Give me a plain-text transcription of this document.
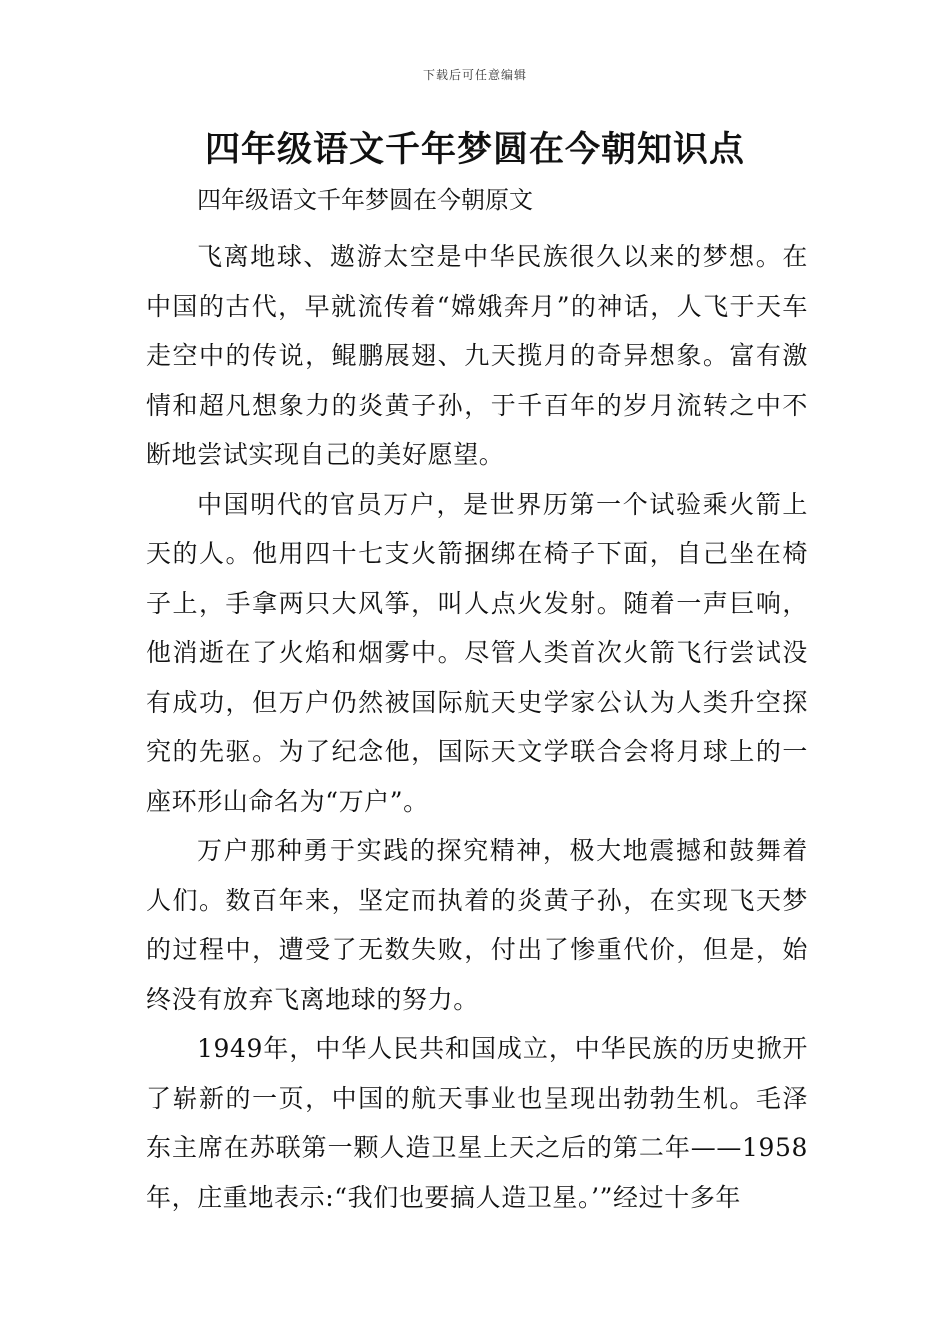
下载后可任意编辑
四年级语文千年梦圆在今朝知识点

四年级语文千年梦圆在今朝原文

飞离地球、遨游太空是中华民族很久以来的梦想。在中国的古代，早就流传着“嫦娥奔月”的神话，人飞于天车走空中的传说，鲲鹏展翅、九天揽月的奇异想象。富有激情和超凡想象力的炎黄子孙，于千百年的岁月流转之中不断地尝试实现自己的美好愿望。

中国明代的官员万户，是世界历第一个试验乘火箭上天的人。他用四十七支火箭捆绑在椅子下面，自己坐在椅子上，手拿两只大风筝，叫人点火发射。随着一声巨响，他消逝在了火焰和烟雾中。尽管人类首次火箭飞行尝试没有成功，但万户仍然被国际航天史学家公认为人类升空探究的先驱。为了纪念他，国际天文学联合会将月球上的一座环形山命名为“万户”。

万户那种勇于实践的探究精神，极大地震撼和鼓舞着人们。数百年来，坚定而执着的炎黄子孙，在实现飞天梦的过程中，遭受了无数失败，付出了惨重代价，但是，始终没有放弃飞离地球的努力。

1949年，中华人民共和国成立，中华民族的历史掀开了崭新的一页，中国的航天事业也呈现出勃勃生机。毛泽东主席在苏联第一颗人造卫星上天之后的第二年——1958年，庄重地表示:“我们也要搞人造卫星。’”经过十多年
